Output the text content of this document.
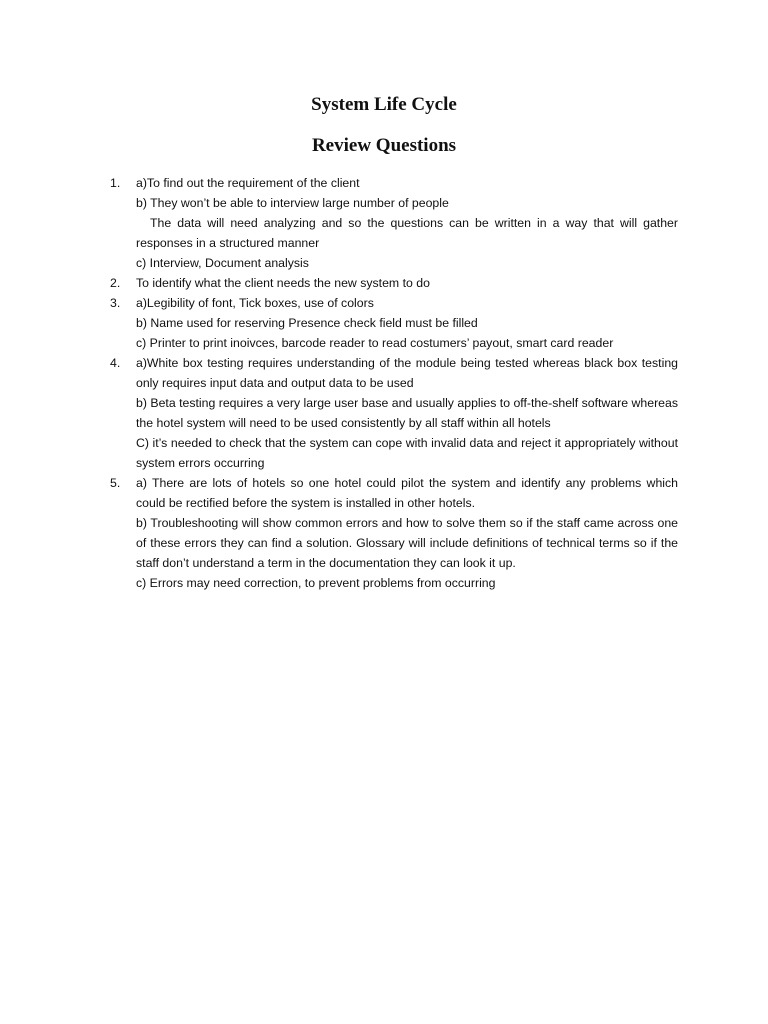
System Life Cycle
Review Questions
1. a)To find out the requirement of the client
b) They won’t be able to interview large number of people
The data will need analyzing and so the questions can be written in a way that will gather responses in a structured manner
c) Interview, Document analysis
2. To identify what the client needs the new system to do
3. a)Legibility of font, Tick boxes, use of colors
b) Name used for reserving Presence check field must be filled
c) Printer to print inoivces, barcode reader to read costumers’ payout, smart card reader
4. a)White box testing requires understanding of the module being tested whereas black box testing only requires input data and output data to be used
b) Beta testing requires a very large user base and usually applies to off-the-shelf software whereas the hotel system will need to be used consistently by all staff within all hotels
C) it’s needed to check that the system can cope with invalid data and reject it appropriately without system errors occurring
5. a) There are lots of hotels so one hotel could pilot the system and identify any problems which could be rectified before the system is installed in other hotels.
b) Troubleshooting will show common errors and how to solve them so if the staff came across one of these errors they can find a solution. Glossary will include definitions of technical terms so if the staff don’t understand a term in the documentation they can look it up.
c) Errors may need correction, to prevent problems from occurring
